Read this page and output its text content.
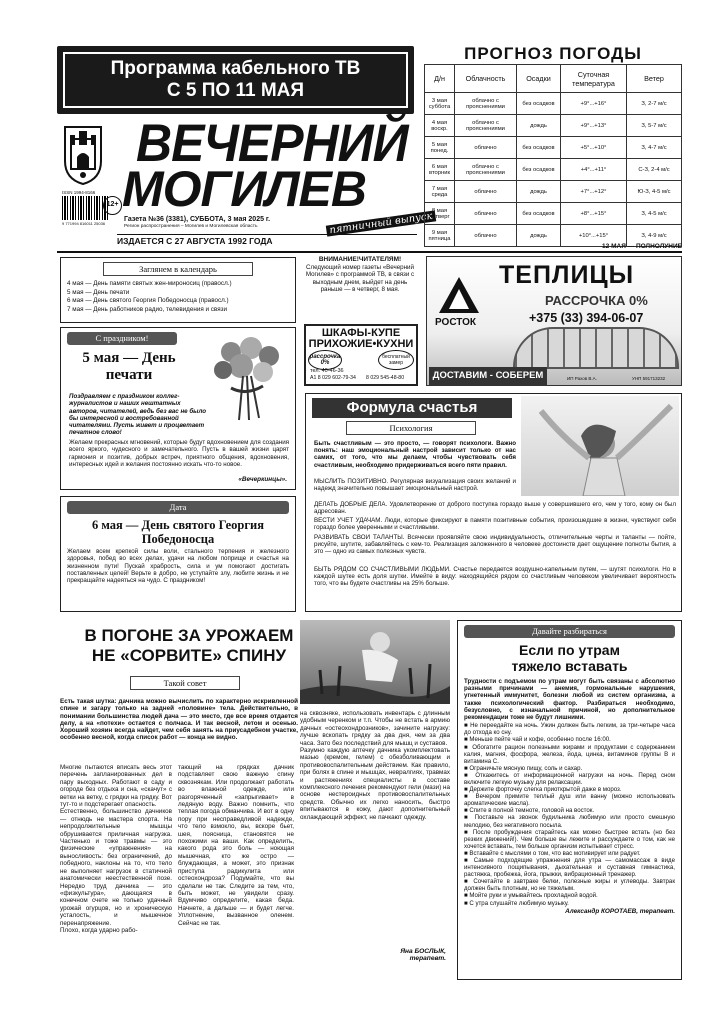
Программа кабельного ТВ
С 5 ПО 11 МАЯ
ISSN 1994-8166
9 771994 816011 25036
ВЕЧЕРНИЙ
МОГИЛЕВ
12+
Газета №36 (3381), СУББОТА, 3 мая 2025 г.
Регион распространения – Могилев и Могилевская область	пятничный выпуск
ИЗДАЕТСЯ С 27 АВГУСТА 1992 ГОДА
ПРОГНОЗ ПОГОДЫ
Д/н	Облачность	Осадки	Суточная температура	Ветер
3 мая суббота	облачно с прояснениями	без осадков	+9°...+16°	З, 2-7 м/с
4 мая воскр.	облачно с прояснениями	дождь	+9°...+13°	З, 5-7 м/с
5 мая понед.	облачно	без осадков	+5°...+10°	З, 4-7 м/с
6 мая вторник	облачно с прояснениями	без осадков	+4°...+11°	С-З, 2-4 м/с
7 мая среда	облачно	дождь	+7°...+12°	Ю-З, 4-5 м/с
8 мая четверг	облачно	без осадков	+8°...+15°	З, 4-5 м/с
9 мая пятница	облачно	дождь	+10°...+15°	З, 4-9 м/с
12 МАЯ — ПОЛНОЛУНИЕ
Заглянем в календарь
4 мая — День памяти святых жен-мироносиц (правосл.)
5 мая — День печати
6 мая — День святого Георгия Победоносца (правосл.)
7 мая — День работников радио, телевидения и связи
ВНИМАНИЕ!ЧИТАТЕЛЯМ!
Следующий номер газеты «Вечерний Могилев» с программой ТВ, в связи с выходным днем, выйдет на день раньше — в четверг, 8 мая.
ШКАФЫ-КУПЕ ПРИХОЖИЕ•КУХНИ
рассрочка 0%
бесплатный замер
тел. 40-46-36
A1 8 029 602-79-34 8 029 545-48-80
РОСТОК
ТЕПЛИЦЫ
РАССРОЧКА 0%
+375 (33) 394-06-07
ДОСТАВИМ - СОБЕРЕМ	ИП Рахов В.А.	УНП 591713232
С праздником!
5 мая — День печати
Поздравляем с праздником коллег-журналистов и наших нештатных авторов, читателей, ведь без вас не было бы интересной и востребованной читателями. Пусть живет и процветает печатное слово!
Желаем прекрасных мгновений, которые будут вдохновением для создания всего яркого, чудесного и замечательного. Пусть в вашей жизни царят гармония и позитив, добрых встреч, приятного общения, вдохновения, интересных идей и желания постоянно искать что-то новое.
«Вечеркинцы».
Дата
6 мая — День святого Георгия Победоносца
Желаем всем крепкой силы воли, стального терпения и железного здоровья, побед во всех делах, удачи на любом поприще и счастья на жизненном пути! Пускай храбрость, сила и ум помогают достигать поставленных целей! Верьте в добро, не уступайте злу, любите жизнь и не прекращайте надеяться на чудо. С праздником!
Формула счастья
Психология
Быть счастливым — это просто, — говорят психологи. Важно понять: наш эмоциональный настрой зависит только от нас самих, от того, что мы делаем, чтобы чувствовать себя счастливым, необходимо придерживаться всего пяти правил.
МЫСЛИТЬ ПОЗИТИВНО. Регулярная визуализация своих желаний и надежд значительно повышает эмоциональный настрой.
ДЕЛАТЬ ДОБРЫЕ ДЕЛА. Удовлетворение от доброго поступка гораздо выше у совершившего его, чем у того, кому он был адресован.
ВЕСТИ УЧЕТ УДАЧАМ. Люди, которые фиксируют в памяти позитивные события, произошедшие в жизни, чувствуют себя гораздо более уверенными и счастливыми.
РАЗВИВАТЬ СВОИ ТАЛАНТЫ. Всячески проявляйте свою индивидуальность, отличительные черты и таланты — пойте, рисуйте, шутите, забавляйтесь с кем-то. Реализация заложенного в человеке достоинств дает ощущение полноты бытия, а это — одно из самых полезных чувств.
БЫТЬ РЯДОМ СО СЧАСТЛИВЫМИ ЛЮДЬМИ. Счастье передается воздушно-капельным путем, — шутят психологи. Но в каждой шутке есть доля шутки. Имейте в виду: находящийся рядом со счастливым человеком увеличивает вероятность того, что вы будете счастливы на 25% больше.
В ПОГОНЕ ЗА УРОЖАЕМ НЕ «СОРВИТЕ» СПИНУ
Такой совет
Есть такая шутка: дачника можно вычислить по характерно искривленной спине и загару только на задней «половине» тела. Действительно, в понимании большинства людей дача — это место, где все время отдается делу, а на «потехи» остается с полчаса. И так весной, летом и осенью. Хороший хозяин всегда найдет, чем себя занять на приусадебном участке, особенно весной, когда список работ — конца не видно.
Многие пытаются вписать весь этот перечень запланированных дел в пару выходных. Работают в саду и огороде без отдыха и сна, «скачут» с ветки на ветку, с грядки на грядку. Вот тут-то и подстерегает опасность.
Естественно, большинство дачников — отнюдь не мастера спорта. На непродолжительные мышцы обрушивается приличная нагрузка. Частенько и тоже травмы — это физические «упражнения» на выносливость: без ограничений, до победного, наклоны на то, что тело не выполняет нагрузок в статичной анатомически неестественной позе. Нередко труд дачника — это «физкультура», дающаяся в конечном счете не только удачный урожай огурцов, но и хроническую усталость, и мышечное перенапряжение.
Плохо, когда ударно рабо-
тающий на грядках дачник подставляет свою важную спину сквознякам. Или продолжает работать во влажной одежде, или разгоряченный «запрыгивает» в ледяную воду. Важно помнить, что теплая погода обманчива. И вот в одну пору при несправедливой надежде, что тело взмокло, вы, вскоре бьет, шея, поясница, становятся не похожими на ваши. Как определить, какого рода это боль — ноющая мышечная, кто же остро — блуждающая, а может, это признак приступа радикулита или остеохондроза? Подумайте, что вы сделали не так. Следите за тем, что, быть может, не увидели сразу. Вдумчиво определите, какая беда. Начнете, а дальше — и будет легче. Уплотнение, вызванное оленем. Сейчас не так.
на сквозняке, использовать инвентарь с длинным удобным черенком и т.п. Чтобы не встать в армию дачных «остеохондрозников», зачините нагрузку: лучше вскопать грядку за два дня, чем за два часа. Зато без последствий для мышц и суставов.
Разумно каждую аптечку дачника укомплектовать мазью (кремом, гелем) с обезболивающим и противовоспалительным действием. Как правило, при болях в спине и мышцах, невралгиях, травмах и растяжениях специалисты в составе комплексного лечения рекомендуют гели (мази) на основе нестероидных противовоспалительных средств. Обычно их легко наносить, быстро впитываются в кожу, дают дополнительный охлаждающий эффект, не пачкают одежду.
Яна БОСЛЫК, терапевт.
Давайте разбираться
Если по утрам тяжело вставать
Трудности с подъемом по утрам могут быть связаны с абсолютно разными причинами — анемия, гормональные нарушения, угнетенный иммунитет, болезни любой из систем организма, а также психологический фактор. Разбираться необходимо, безусловно, с изначальной причиной, но дополнительное рекомендации тоже не будут лишними.
■ Не переедайте на ночь. Ужин должен быть легким, за три-четыре часа до отхода ко сну.
■ Меньше пейте чай и кофе, особенно после 16:00.
■ Обогатите рацион полезными жирами и продуктами с содержанием калия, магния, фосфора, железа, йода, цинка, витаминов группы В и витамина С.
■ Ограничьте мясную пищу, соль и сахар.
■ Откажитесь от информационной нагрузки на ночь. Перед сном включите легкую музыку для релаксации.
■ Держите форточку слегка приоткрытой даже в мороз.
■ Вечером примите теплый душ или ванну (можно использовать ароматические масла).
■ Спите в полной темноте, головой на восток.
■ Поставьте на звонок будильника любимую или просто смешную мелодию, без негативного посыла.
■ После пробуждения старайтесь как можно быстрее встать (но без резких движений!). Чем больше вы лежите и рассуждаете о том, как не хочется вставать, тем больше организм испытывает стресс.
■ Вставайте с мыслями о том, что вас мотивирует или радует.
■ Самые подходящие упражнения для утра — самомассаж в виде интенсивного пощипывания, дыхательная и суставная гимнастика, растяжка, пробежка, йога, прыжки, вибрационный тренажер.
■ Сочетайте в завтраке белки, полезные жиры и углеводы. Завтрак должен быть плотным, но не тяжелым.
■ Мойте руки и умывайтесь прохладной водой.
■ С утра слушайте любимую музыку.
Александр КОРОТАЕВ, терапевт.
